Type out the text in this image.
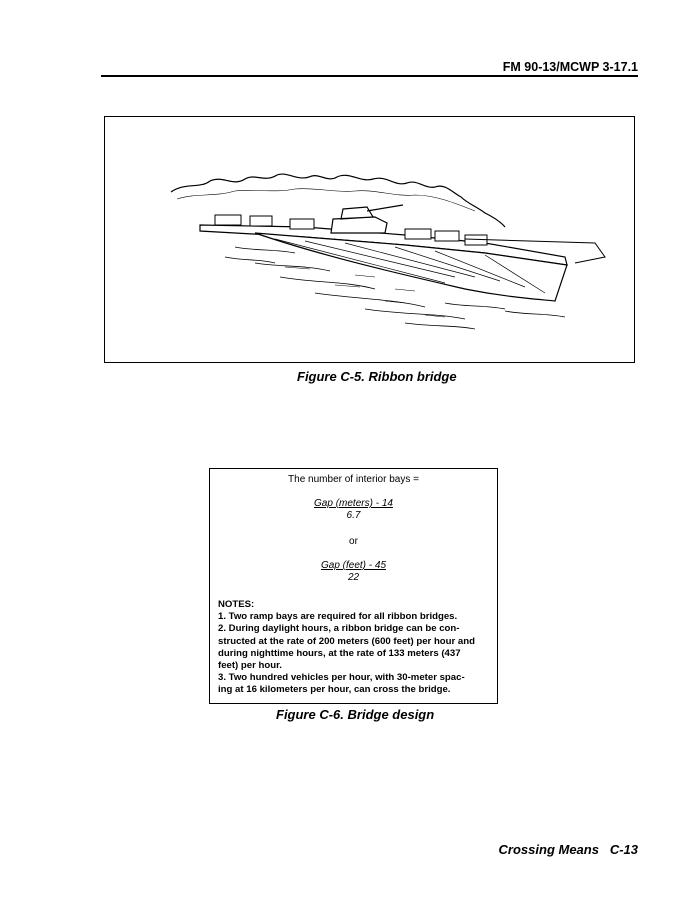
FM 90-13/MCWP 3-17.1
Figure C-5. Ribbon bridge
The number of interior bays =
Gap (meters) - 14
6.7
or
Gap (feet) - 45
22
NOTES:
1. Two ramp bays are required for all ribbon bridges.
2. During daylight hours, a ribbon bridge can be con-
structed at the rate of 200 meters (600 feet) per hour and
during nighttime hours, at the rate of 133 meters (437
feet) per hour.
3. Two hundred vehicles per hour, with 30-meter spac-
ing at 16 kilometers per hour, can cross the bridge.
Figure C-6. Bridge design
Crossing Means C-13
